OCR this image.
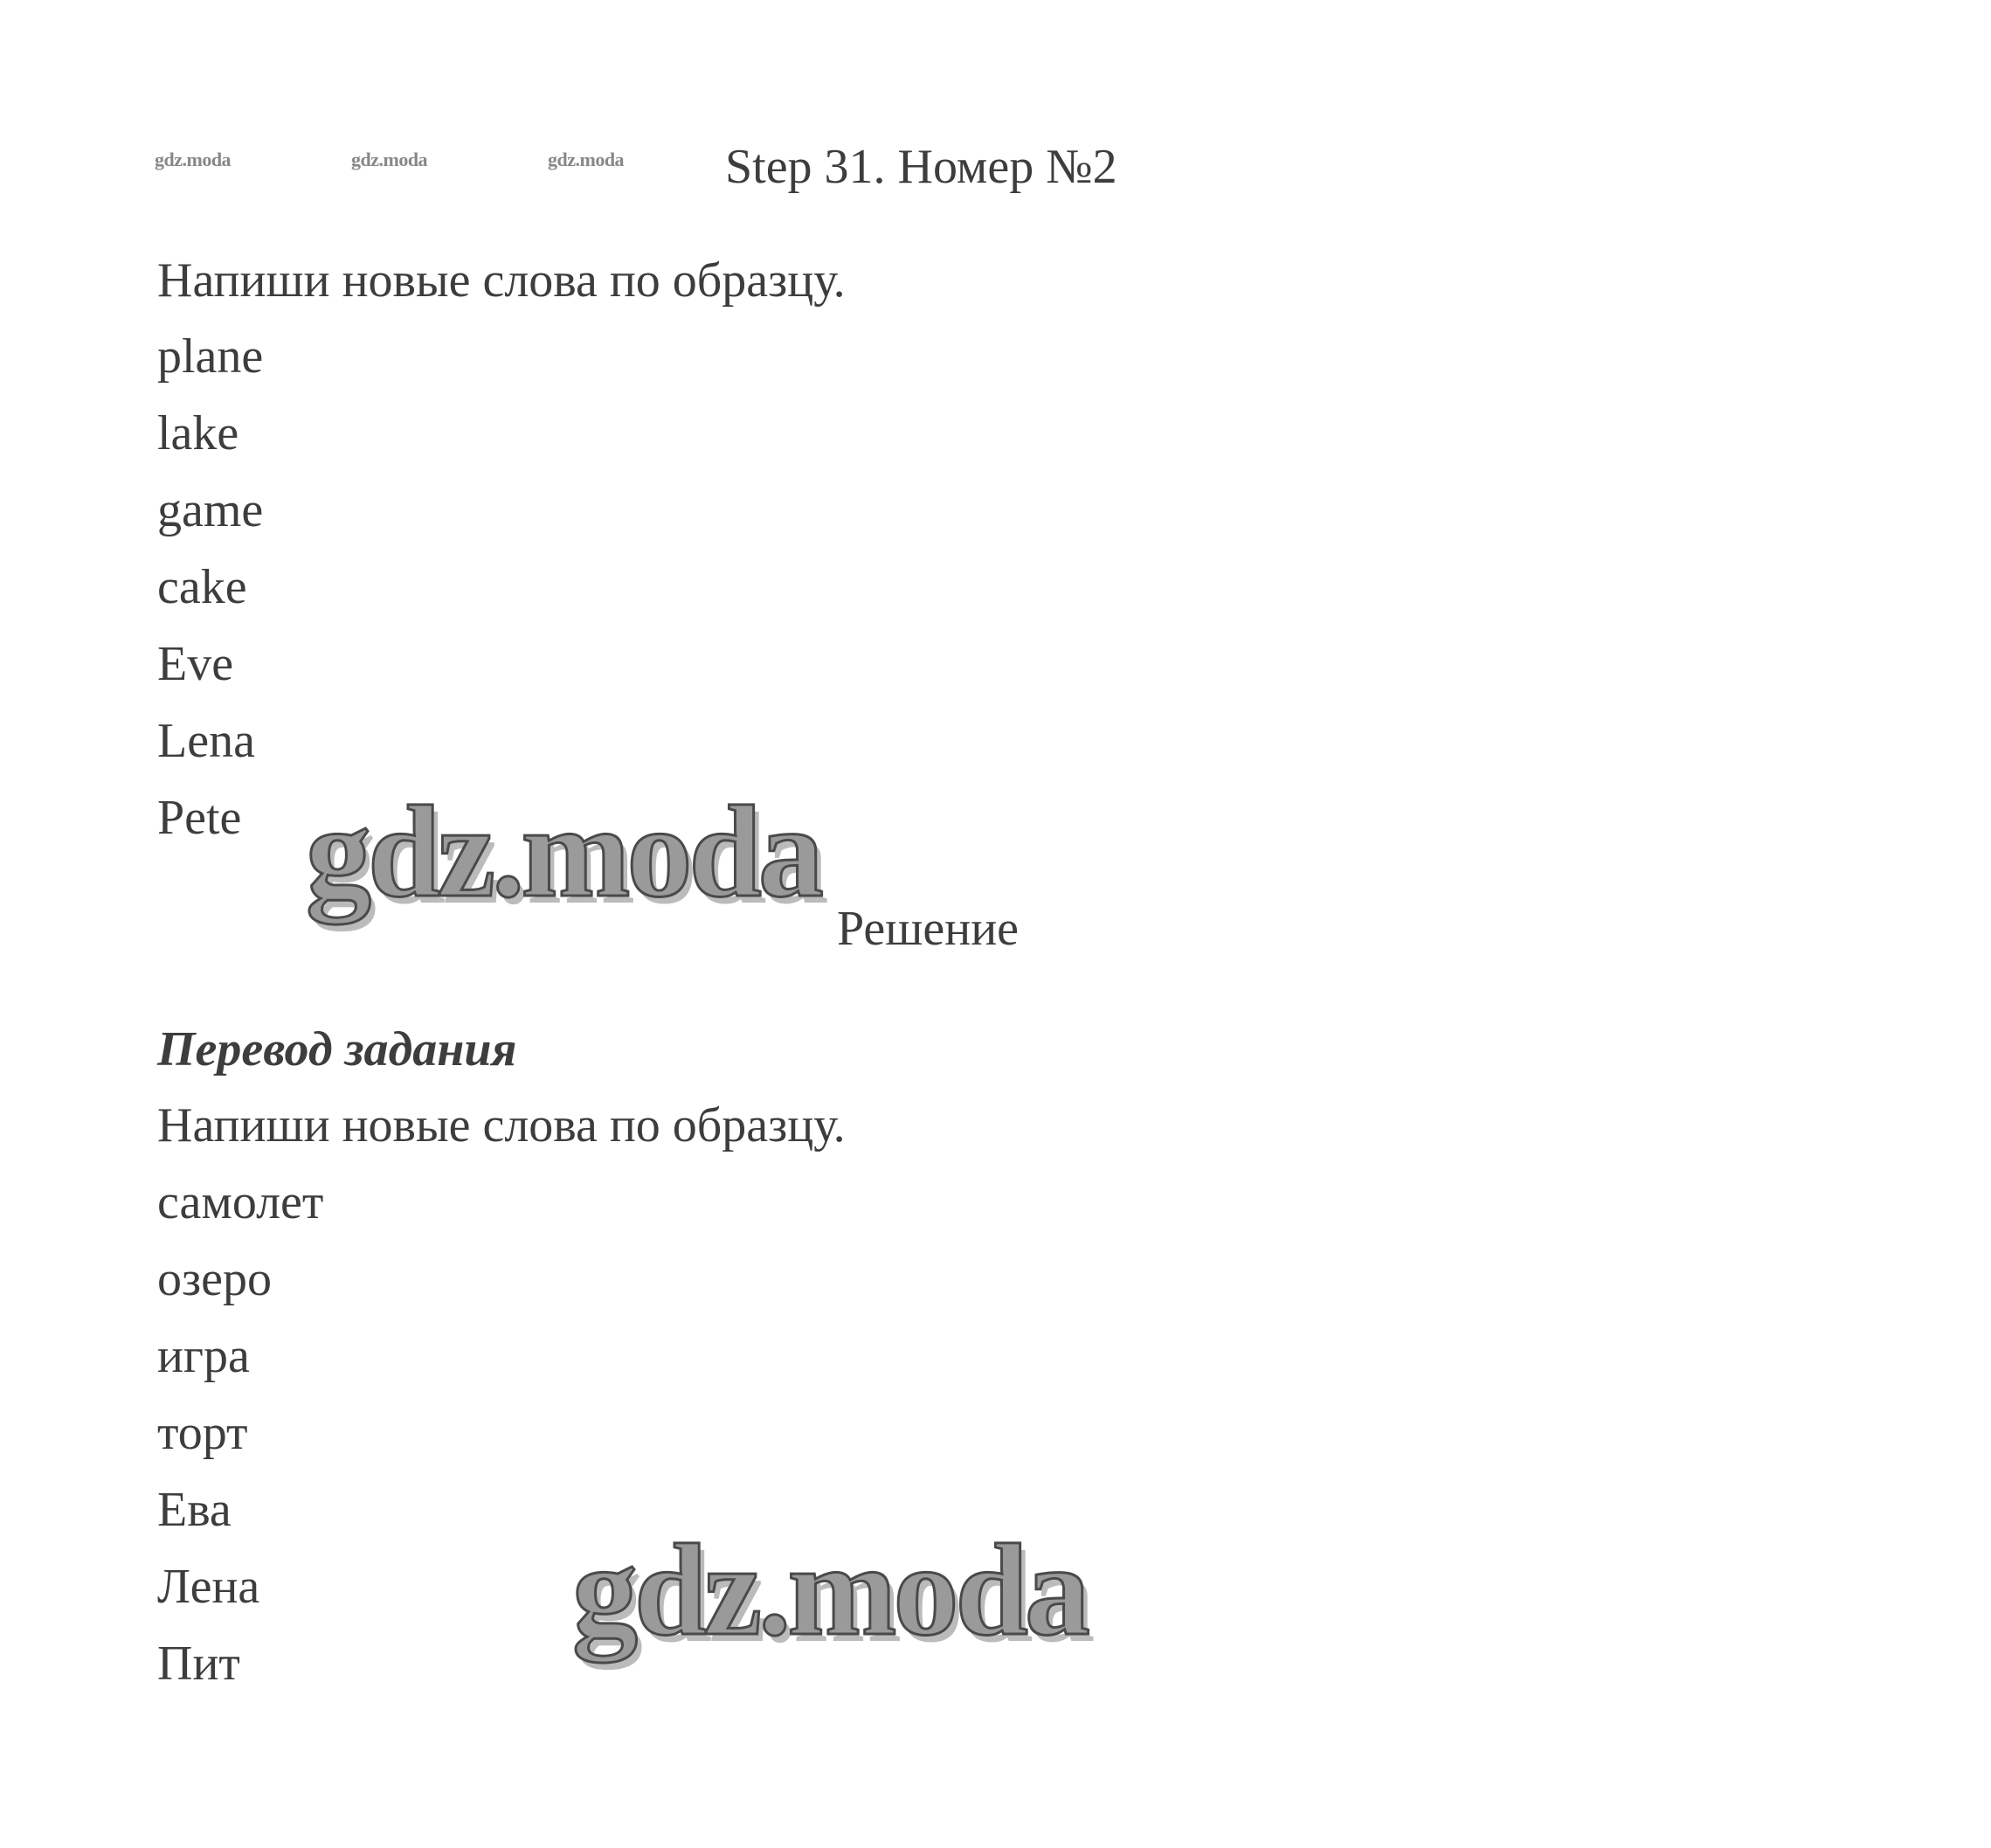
gdz.moda	gdz.moda	gdz.moda Step 31. Номер №2
Напиши новые слова по образцу.
plane
lake
game
cake
Eve
Lena
Pete gdz.moda
Решение
Перевод задания
Напиши новые слова по образцу.
самолет
озеро
игра
торт
Ева
Лена
Пит
gdz.moda
